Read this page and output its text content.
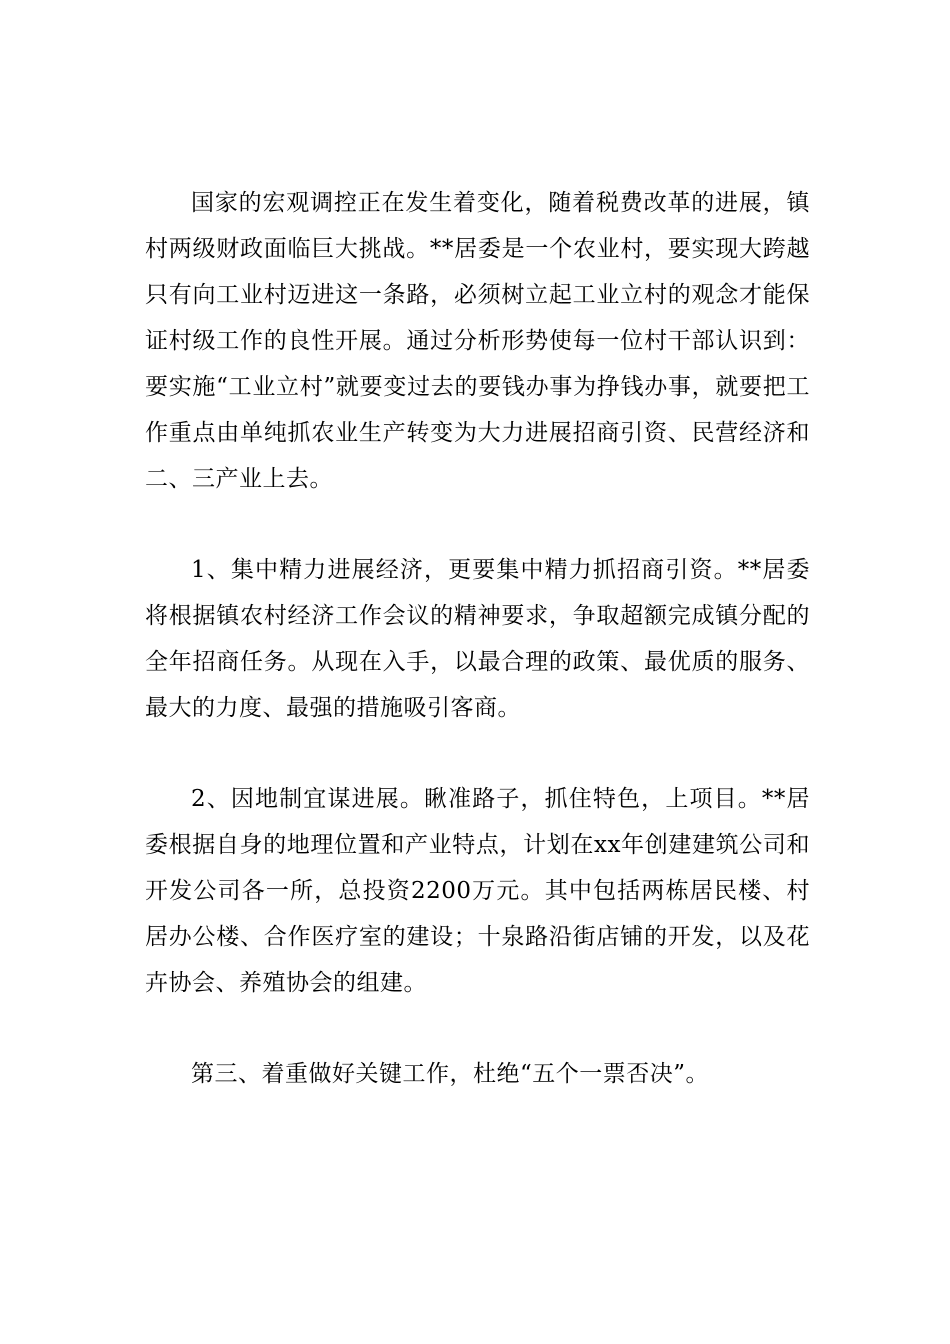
国家的宏观调控正在发生着变化，随着税费改革的进展，镇村两级财政面临巨大挑战。**居委是一个农业村，要实现大跨越只有向工业村迈进这一条路，必须树立起工业立村的观念才能保证村级工作的良性开展。通过分析形势使每一位村干部认识到：要实施“工业立村”就要变过去的要钱办事为挣钱办事，就要把工作重点由单纯抓农业生产转变为大力进展招商引资、民营经济和二、三产业上去。

1、集中精力进展经济，更要集中精力抓招商引资。**居委将根据镇农村经济工作会议的精神要求，争取超额完成镇分配的全年招商任务。从现在入手，以最合理的政策、最优质的服务、最大的力度、最强的措施吸引客商。

2、因地制宜谋进展。瞅准路子，抓住特色，上项目。**居委根据自身的地理位置和产业特点，计划在xx年创建建筑公司和开发公司各一所，总投资2200万元。其中包括两栋居民楼、村居办公楼、合作医疗室的建设；十泉路沿街店铺的开发，以及花卉协会、养殖协会的组建。

第三、着重做好关键工作，杜绝“五个一票否决”。
